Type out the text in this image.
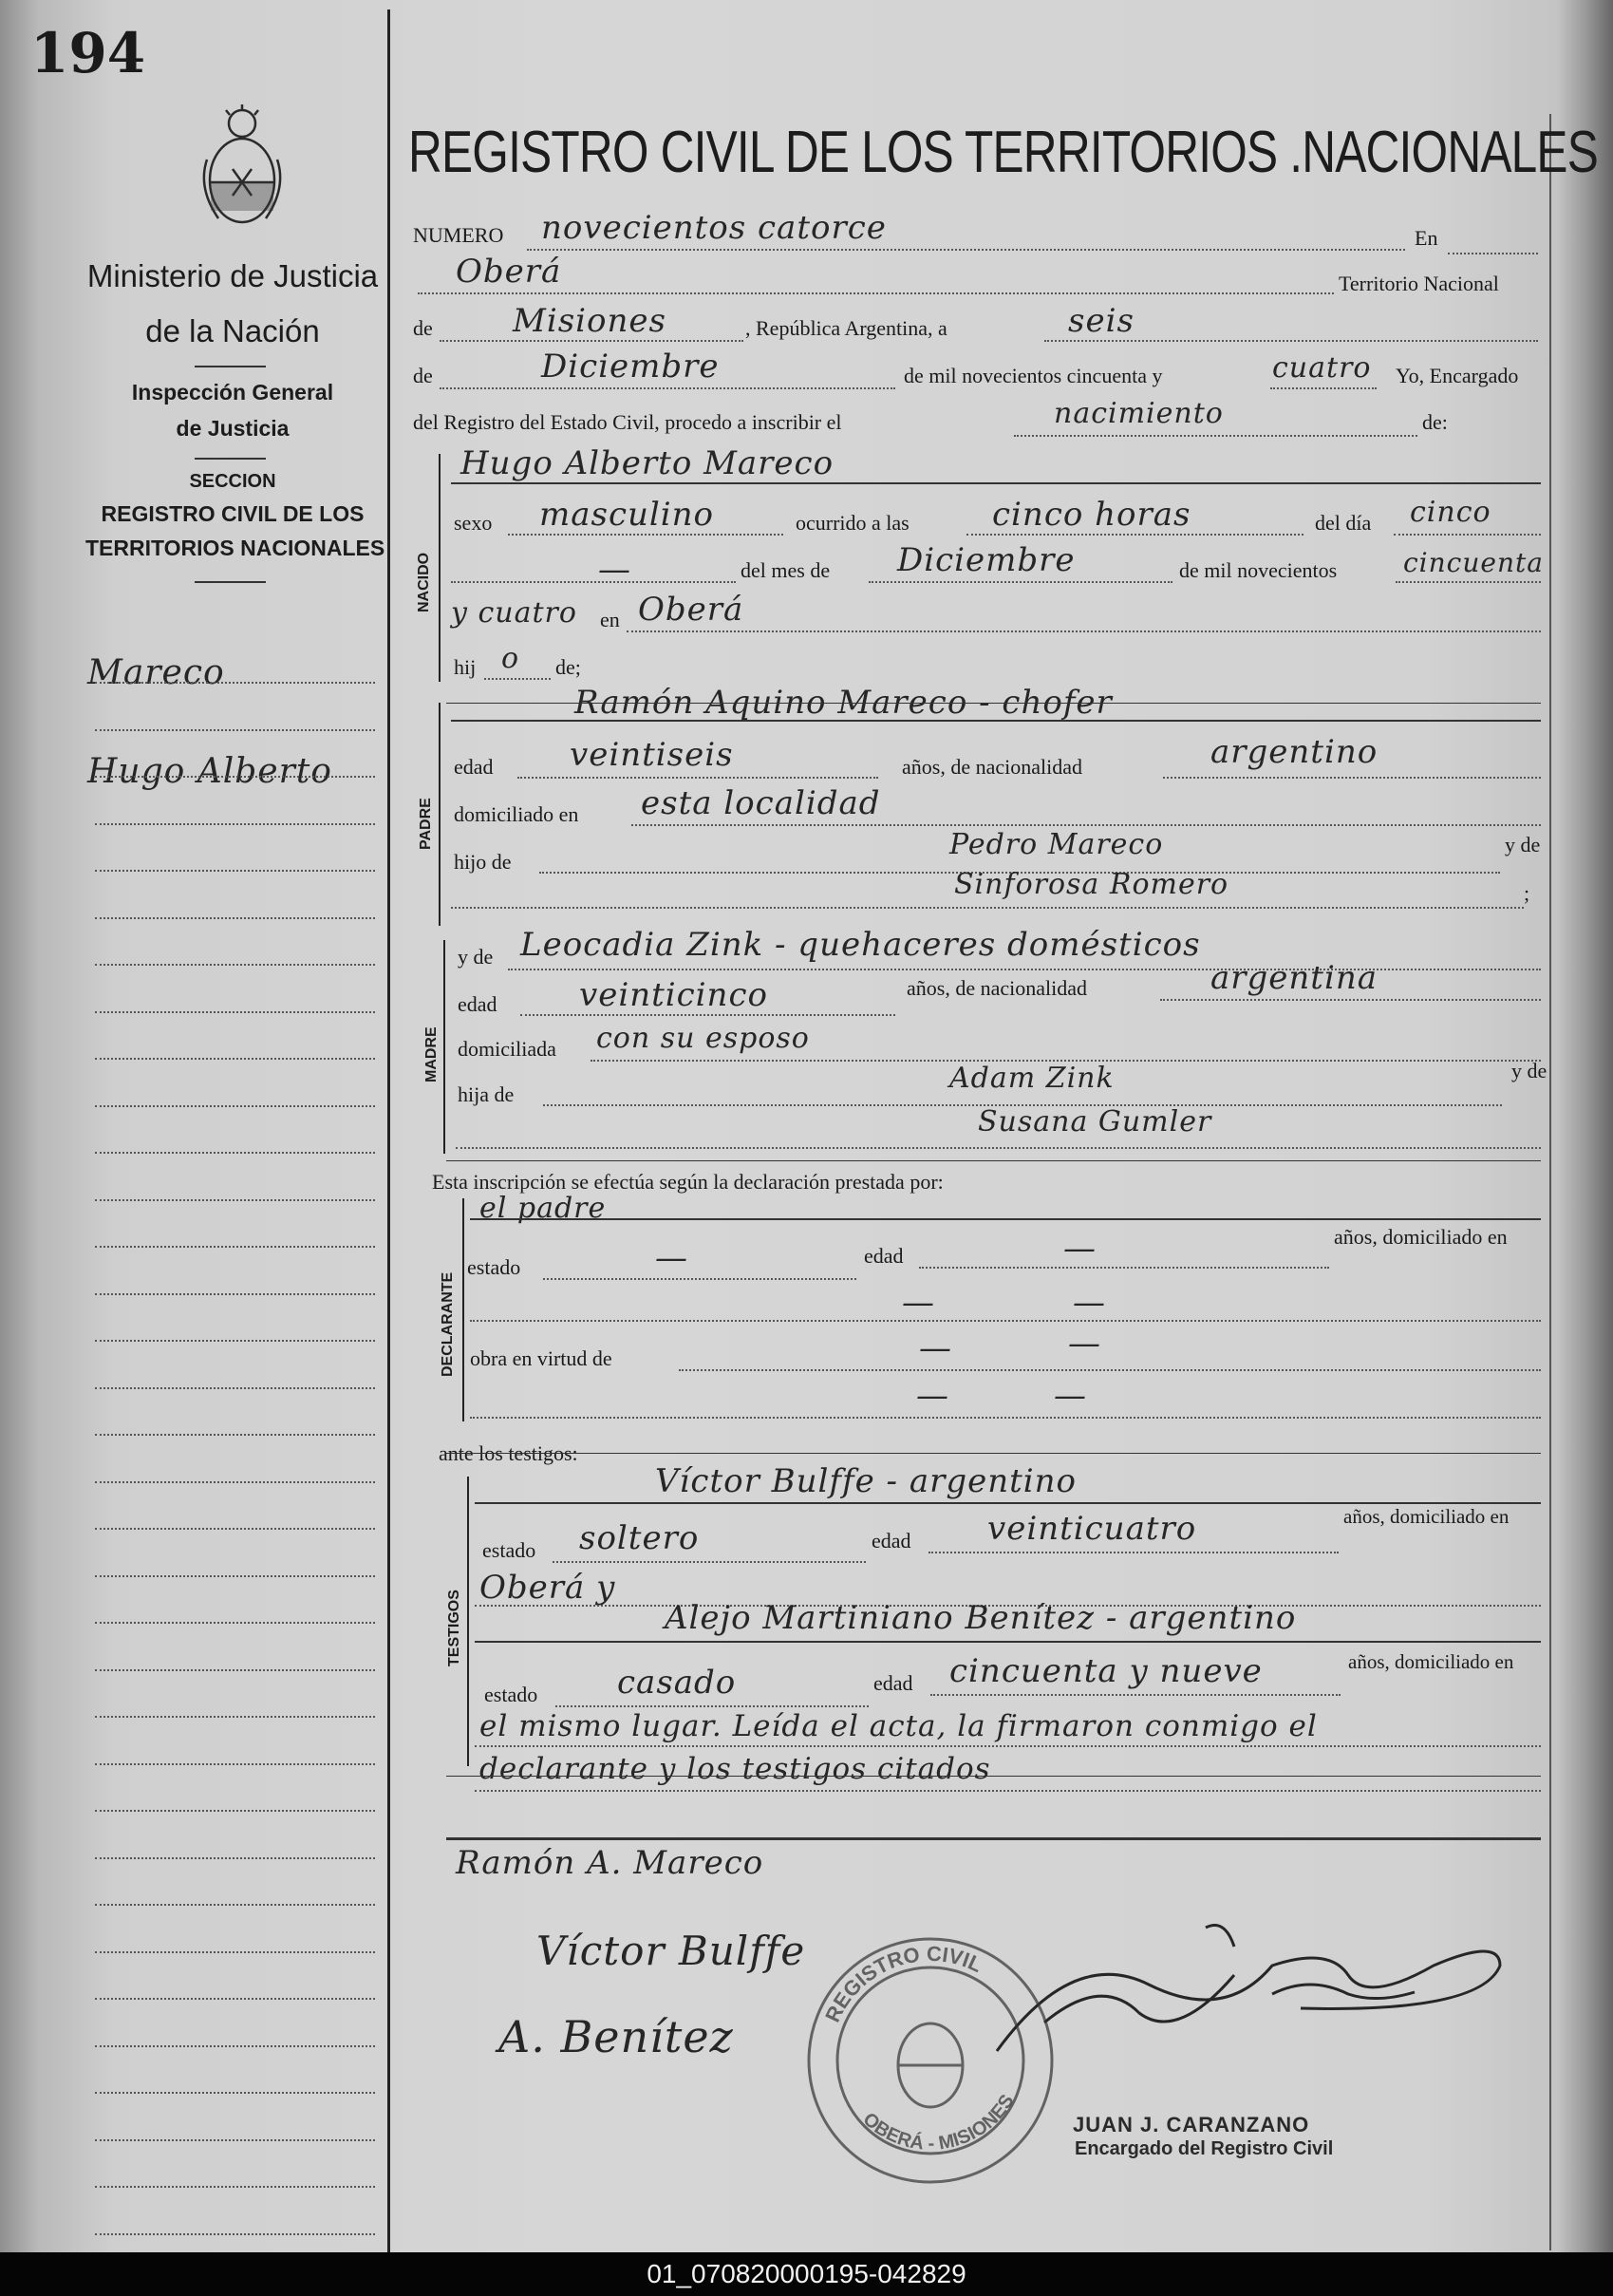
194
Ministerio de Justicia
de la Nación
Inspección General
de Justicia
SECCION
REGISTRO CIVIL DE LOS
TERRITORIOS NACIONALES
Mareco
Hugo Alberto
REGISTRO CIVIL DE LOS TERRITORIOS .NACIONALES
NUMERO novecientos catorce	En
Oberá	Territorio Nacional
de Misiones	, República Argentina, a	seis
de	Diciembre	de mil novecientos cincuenta y	cuatro Yo, Encargado
del Registro del Estado Civil, procedo a inscribir el	nacimiento	de:
NACIDO
Hugo Alberto Mareco
sexo masculino	ocurrido a las	cinco horas	del día cinco
—	del mes de Diciembre	de mil novecientos cincuenta
y cuatro en Oberá
hij o de;
PADRE
Ramón Aquino Mareco - chofer
edad veintiseis	años, de nacionalidad	argentino
domiciliado en esta localidad
hijo de
Pedro Mareco	y de
Sinforosa Romero	;
MADRE
y de Leocadia Zink - quehaceres domésticos
edad	veinticinco	años, de nacionalidad	argentina
domiciliada con su esposo
hija de	Adam Zink	y de
Susana Gumler
Esta inscripción se efectúa según la declaración prestada por:
DECLARANTE
el padre
estado	—	edad	—	años, domiciliado en
—	—
obra en virtud de	—	—
—	—
ante los testigos:
TESTIGOS
Víctor Bulffe - argentino
estado soltero	edad veinticuatro	años, domiciliado en
Oberá y
Alejo Martiniano Benítez - argentino
estado casado	edad cincuenta y nueve	años, domiciliado en
el mismo lugar. Leída el acta, la firmaron conmigo el
declarante y los testigos citados
Ramón A. Mareco
Víctor Bulffe
A. Benítez	REGISTRO CIVIL
OBERÁ - MISIONES
JUAN J. CARANZANO
Encargado del Registro Civil
01_070820000195-042829
